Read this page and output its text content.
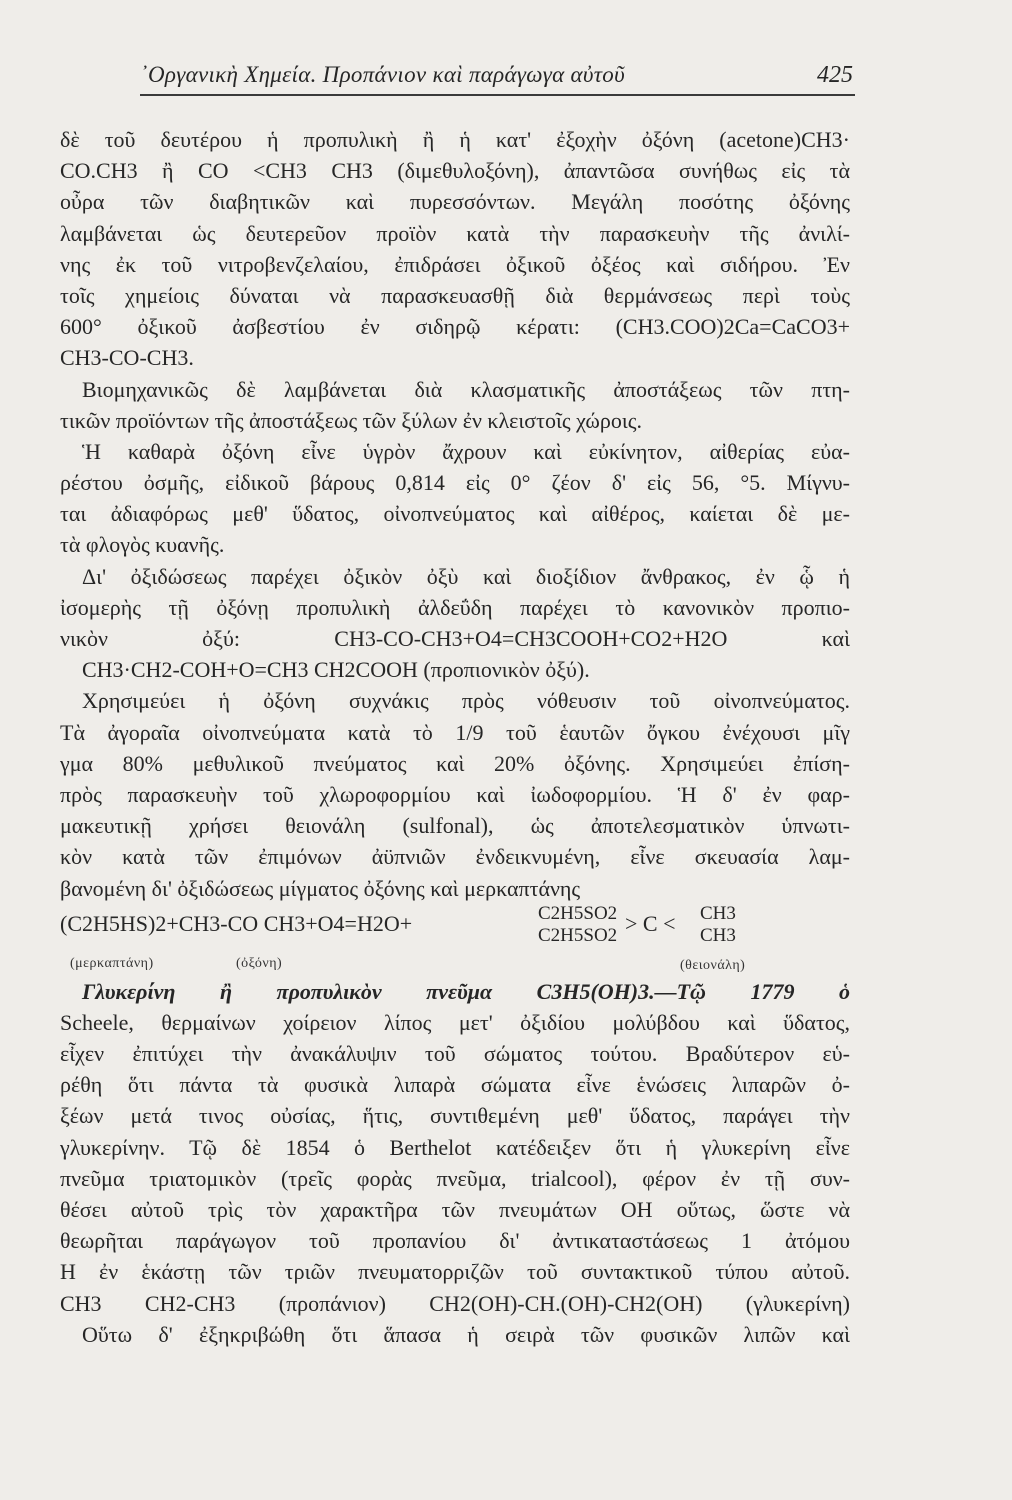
᾿Οργανικὴ Χημεία. Προπάνιον καὶ παράγωγα αὐτοῦ	425
δὲ τοῦ δευτέρου ἡ προπυλικὴ ἢ ἡ κατ' ἐξοχὴν ὀξόνη (acetone)CH3·
CO.CH3 ἢ CO <CH3 CH3 (διμεθυλοξόνη), ἀπαντῶσα συνήθως εἰς τὰ
οὖρα τῶν διαβητικῶν καὶ πυρεσσόντων. Μεγάλη ποσότης ὀξόνης
λαμβάνεται ὡς δευτερεῦον προϊὸν κατὰ τὴν παρασκευὴν τῆς ἀνιλί-
νης ἐκ τοῦ νιτροβενζελαίου, ἐπιδράσει ὀξικοῦ ὀξέος καὶ σιδήρου. Ἐν
τοῖς χημείοις δύναται νὰ παρασκευασθῇ διὰ θερμάνσεως περὶ τοὺς
600° ὀξικοῦ ἀσβεστίου ἐν σιδηρῷ κέρατι: (CH3.COO)2Ca=CaCO3+
CH3-CO-CH3.
Βιομηχανικῶς δὲ λαμβάνεται διὰ κλασματικῆς ἀποστάξεως τῶν πτη-
τικῶν προϊόντων τῆς ἀποστάξεως τῶν ξύλων ἐν κλειστοῖς χώροις.
Ἡ καθαρὰ ὀξόνη εἶνε ὑγρὸν ἄχρουν καὶ εὐκίνητον, αἰθερίας εὐα-
ρέστου ὀσμῆς, εἰδικοῦ βάρους 0,814 εἰς 0° ζέον δ' εἰς 56, °5. Μίγνυ-
ται ἀδιαφόρως μεθ' ὕδατος, οἰνοπνεύματος καὶ αἰθέρος, καίεται δὲ με-
τὰ φλογὸς κυανῆς.
Δι' ὀξιδώσεως παρέχει ὀξικὸν ὀξὺ καὶ διοξίδιον ἄνθρακος, ἐν ᾧ ἡ
ἰσομερὴς τῇ ὀξόνῃ προπυλικὴ ἀλδεΰδη παρέχει τὸ κανονικὸν προπιο-
νικὸν ὀξύ: CH3-CO-CH3+O4=CH3COOH+CO2+H2O καὶ
CH3·CH2-COH+O=CH3 CH2COOH (προπιονικὸν ὀξύ).
Χρησιμεύει ἡ ὀξόνη συχνάκις πρὸς νόθευσιν τοῦ οἰνοπνεύματος.
Τὰ ἀγοραῖα οἰνοπνεύματα κατὰ τὸ 1/9 τοῦ ἑαυτῶν ὄγκου ἐνέχουσι μῖγ
γμα 80% μεθυλικοῦ πνεύματος καὶ 20% ὀξόνης. Χρησιμεύει ἐπίση-
πρὸς παρασκευὴν τοῦ χλωροφορμίου καὶ ἰωδοφορμίου. Ἡ δ' ἐν φαρ-
μακευτικῇ χρήσει θειονάλη (sulfonal), ὡς ἀποτελεσματικὸν ὑπνωτι-
κὸν κατὰ τῶν ἐπιμόνων ἀϋπνιῶν ἐνδεικνυμένη, εἶνε σκευασία λαμ-
βανομένη δι' ὀξιδώσεως μίγματος ὀξόνης καὶ μερκαπτάνης
(C2H5HS)2+CH3-CO CH3+O4=H2O+	C2H5SO2
C2H5SO2 > C < CH3
CH3
(μερκαπτάνη)	(ὀξόνη)	(θειονάλη)
Γλυκερίνη ἢ προπυλικὸν πνεῦμα C3H5(OH)3.—Τῷ 1779 ὁ
Scheele, θερμαίνων χοίρειον λίπος μετ' ὀξιδίου μολύβδου καὶ ὕδατος,
εἶχεν ἐπιτύχει τὴν ἀνακάλυψιν τοῦ σώματος τούτου. Βραδύτερον εὑ-
ρέθη ὅτι πάντα τὰ φυσικὰ λιπαρὰ σώματα εἶνε ἑνώσεις λιπαρῶν ὀ-
ξέων μετά τινος οὐσίας, ἥτις, συντιθεμένη μεθ' ὕδατος, παράγει τὴν
γλυκερίνην. Τῷ δὲ 1854 ὁ Berthelot κατέδειξεν ὅτι ἡ γλυκερίνη εἶνε
πνεῦμα τριατομικὸν (τρεῖς φορὰς πνεῦμα, trialcool), φέρον ἐν τῇ συν-
θέσει αὐτοῦ τρὶς τὸν χαρακτῆρα τῶν πνευμάτων OH οὕτως, ὥστε νὰ
θεωρῆται παράγωγον τοῦ προπανίου δι' ἀντικαταστάσεως 1 ἀτόμου
H ἐν ἑκάστῃ τῶν τριῶν πνευματορριζῶν τοῦ συντακτικοῦ τύπου αὐτοῦ.
CH3 CH2-CH3 (προπάνιον) CH2(OH)-CH.(OH)-CH2(OH) (γλυκερίνη)
Οὕτω δ' ἐξηκριβώθη ὅτι ἅπασα ἡ σειρὰ τῶν φυσικῶν λιπῶν καὶ
